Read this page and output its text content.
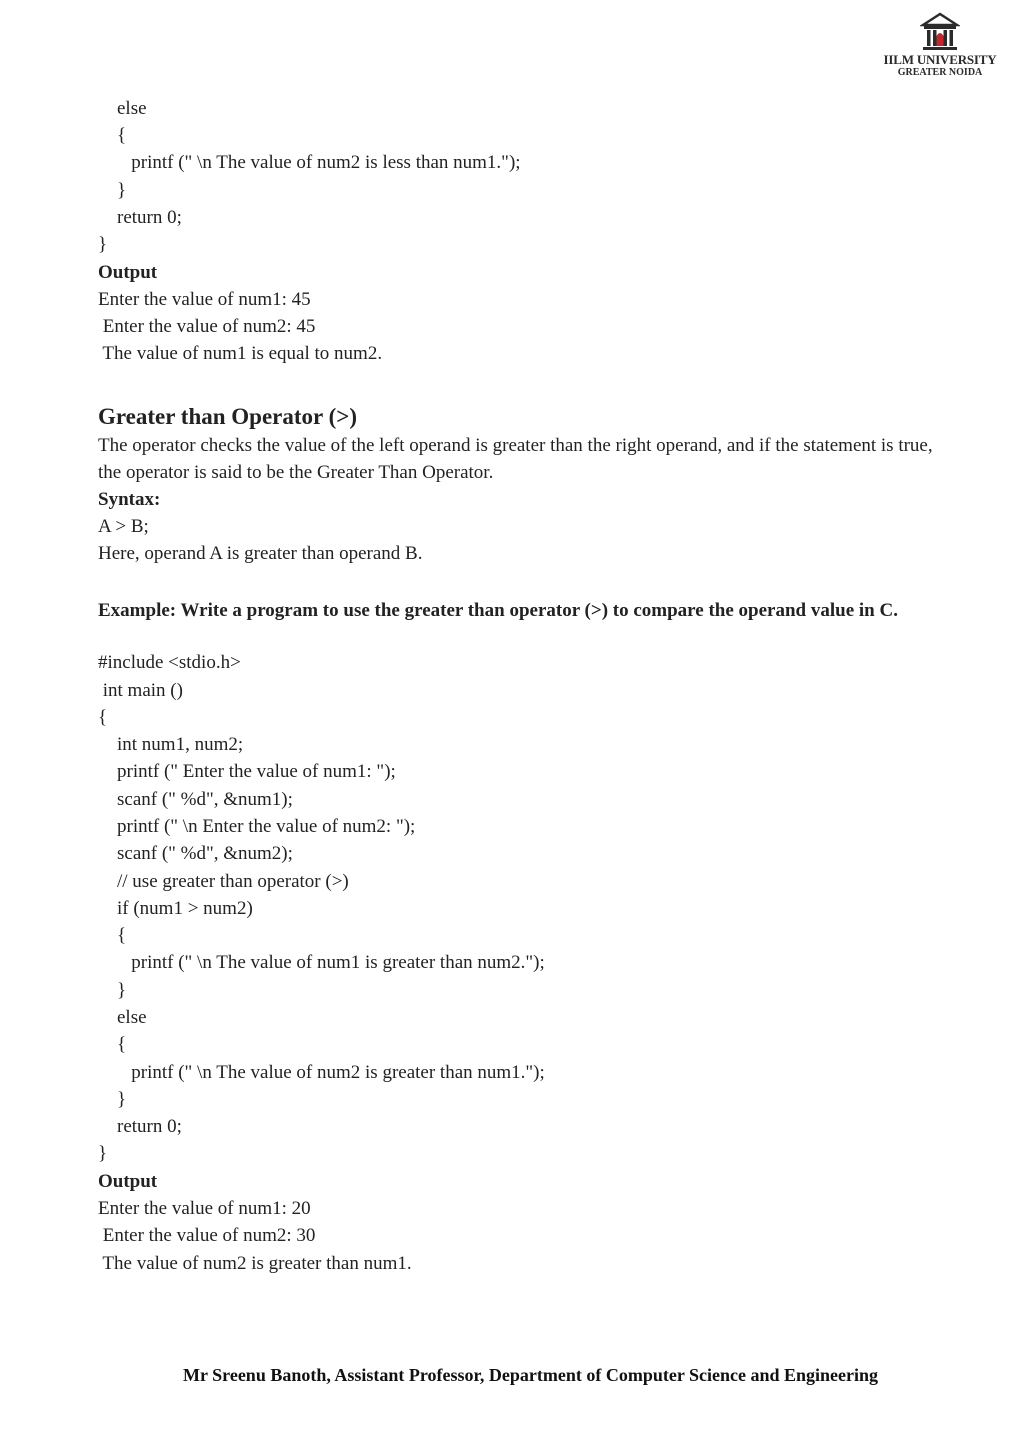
IILM UNIVERSITY
GREATER NOIDA
else
{
printf (" \n The value of num2 is less than num1.");
}
return 0;
}
Output
Enter the value of num1: 45
Enter the value of num2: 45
The value of num1 is equal to num2.
Greater than Operator (>)
The operator checks the value of the left operand is greater than the right operand, and if the statement is true, the operator is said to be the Greater Than Operator.
Syntax:
A > B;
Here, operand A is greater than operand B.
Example: Write a program to use the greater than operator (>) to compare the operand value in C.
#include <stdio.h>
int main ()
{
int num1, num2;
printf (" Enter the value of num1: ");
scanf (" %d", &num1);
printf (" \n Enter the value of num2: ");
scanf (" %d", &num2);
// use greater than operator (>)
if (num1 > num2)
{
printf (" \n The value of num1 is greater than num2.");
}
else
{
printf (" \n The value of num2 is greater than num1.");
}
return 0;
}
Output
Enter the value of num1: 20
Enter the value of num2: 30
The value of num2 is greater than num1.
Mr Sreenu Banoth, Assistant Professor, Department of Computer Science and Engineering
